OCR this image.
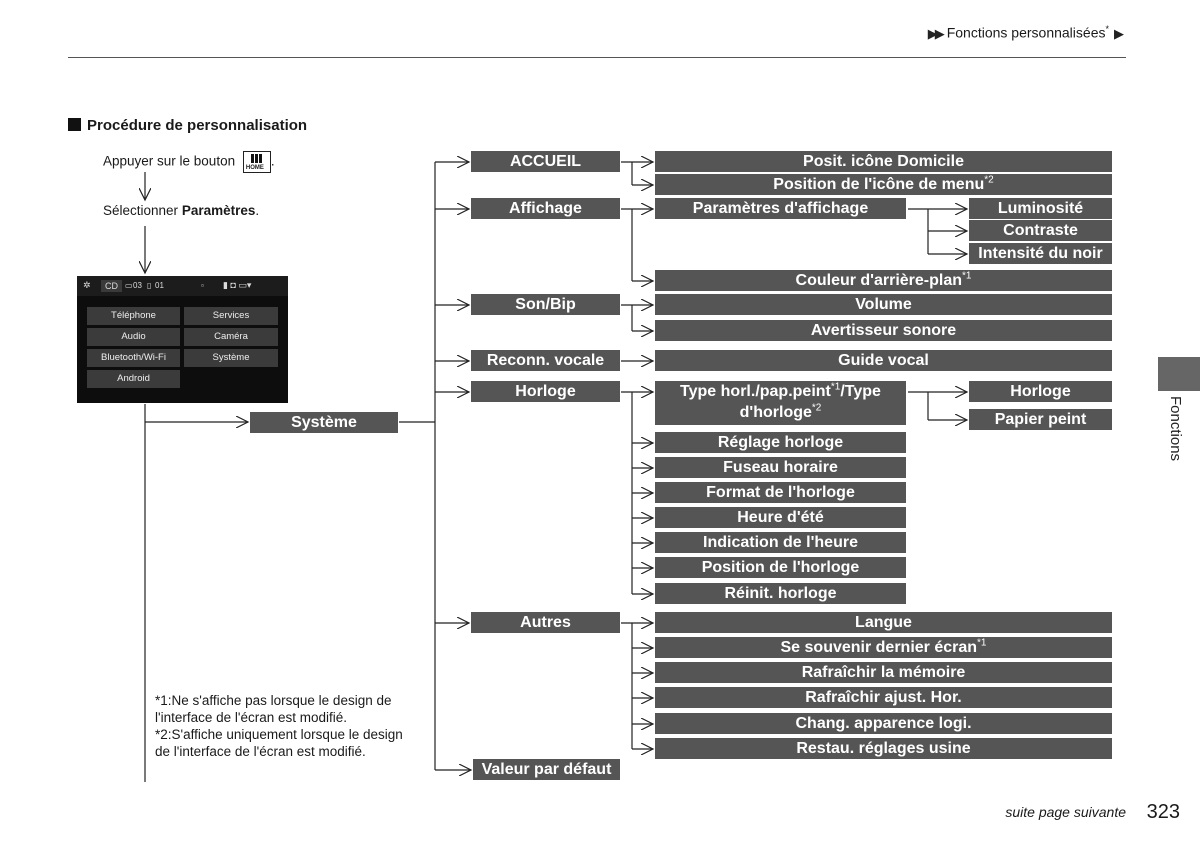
▶▶ Fonctions personnalisées* ▶
Procédure de personnalisation
Appuyer sur le bouton HOME .
Sélectionner Paramètres.
✲	CD ▭ 03 ▯ 01	▫ ▮ ◘ ▭▾
Téléphone	Services
Audio	Caméra
Bluetooth/Wi-Fi	Système
Android
Système
ACCUEIL
Affichage
Son/Bip
Reconn. vocale
Horloge
Autres
Valeur par défaut
Posit. icône Domicile
Position de l'icône de menu$^{*2}$
Paramètres d'affichage	Luminosité
Contraste
Intensité du noir
Couleur d'arrière-plan$^{*1}$
Volume
Avertisseur sonore
Guide vocal
Type horl./pap.peint$^{*1}$/Type
d'horloge$^{*2}$
Horloge
Papier peint
Réglage horloge
Fuseau horaire
Format de l'horloge
Heure d'été
Indication de l'heure
Position de l'horloge
Réinit. horloge
Langue
Se souvenir dernier écran$^{*1}$
Rafraîchir la mémoire
Rafraîchir ajust. Hor.
Chang. apparence logi.
Restau. réglages usine
*1:Ne s'affiche pas lorsque le design de l'interface de l'écran est modifié.
*2:S'affiche uniquement lorsque le design de l'interface de l'écran est modifié.
Fonctions
suite page suivante 323
